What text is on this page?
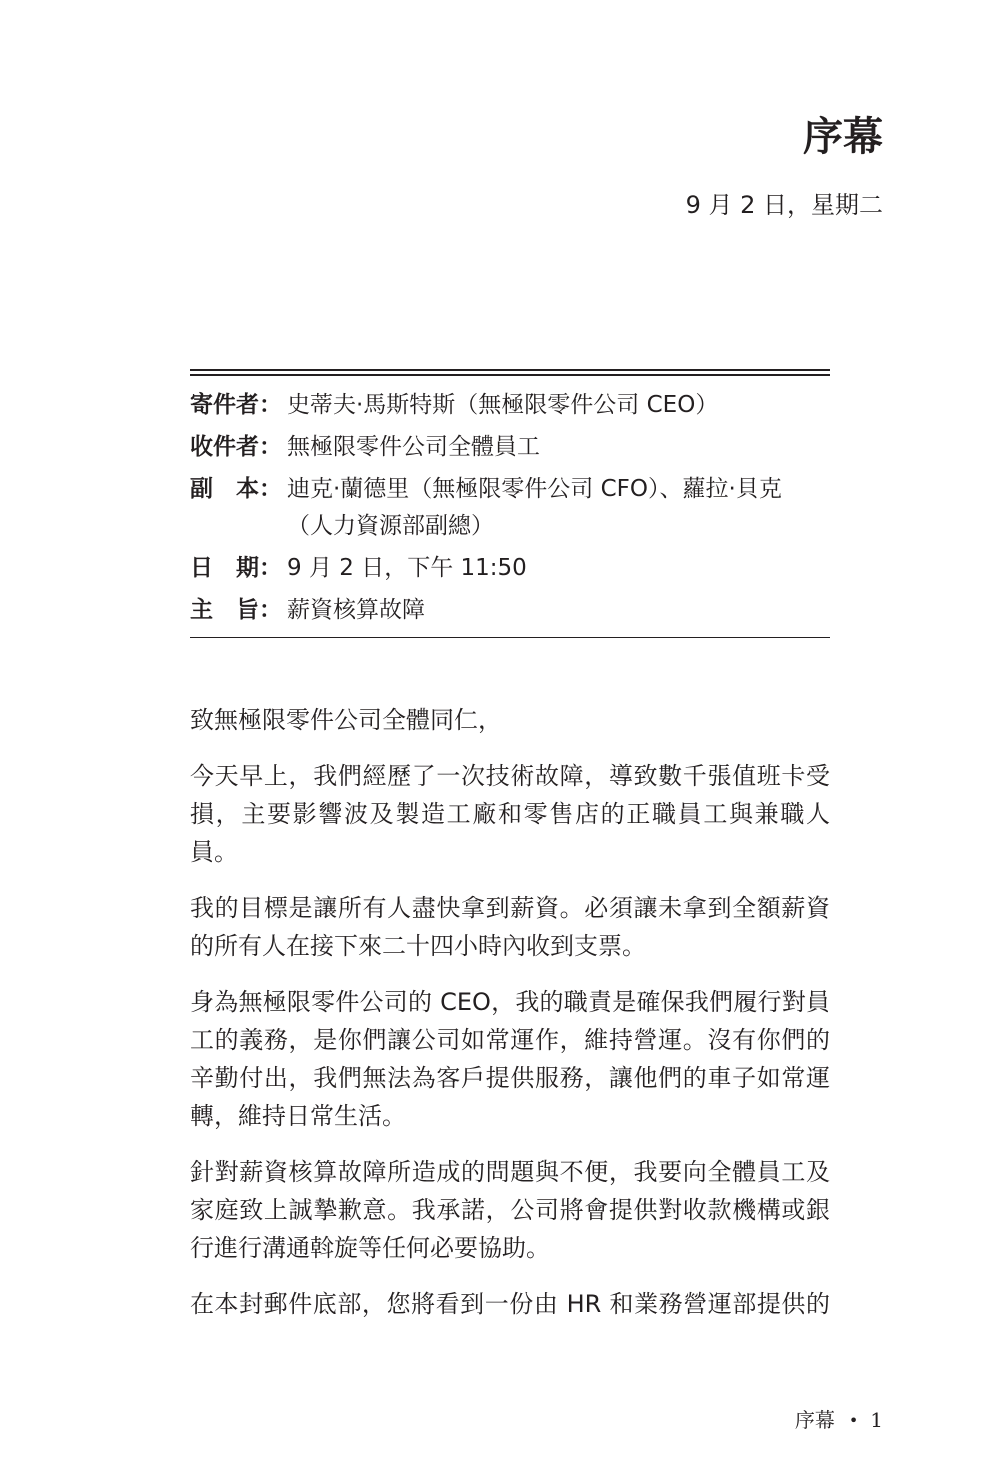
序幕
9 月 2 日，星期二
寄件者： 史蒂夫·馬斯特斯（無極限零件公司 CEO）
收件者： 無極限零件公司全體員工
副　本： 迪克·蘭德里（無極限零件公司 CFO）、蘿拉·貝克
（人力資源部副總）
日　期： 9 月 2 日，下午 11:50
主　旨： 薪資核算故障
致無極限零件公司全體同仁，
今天早上，我們經歷了一次技術故障，導致數千張值班卡受
損，主要影響波及製造工廠和零售店的正職員工與兼職人
員。
我的目標是讓所有人盡快拿到薪資。必須讓未拿到全額薪資
的所有人在接下來二十四小時內收到支票。
身為無極限零件公司的 CEO，我的職責是確保我們履行對員
工的義務，是你們讓公司如常運作，維持營運。沒有你們的
辛勤付出，我們無法為客戶提供服務，讓他們的車子如常運
轉，維持日常生活。
針對薪資核算故障所造成的問題與不便，我要向全體員工及
家庭致上誠摯歉意。我承諾，公司將會提供對收款機構或銀
行進行溝通斡旋等任何必要協助。
在本封郵件底部，您將看到一份由 HR 和業務營運部提供的
序幕 • 1
